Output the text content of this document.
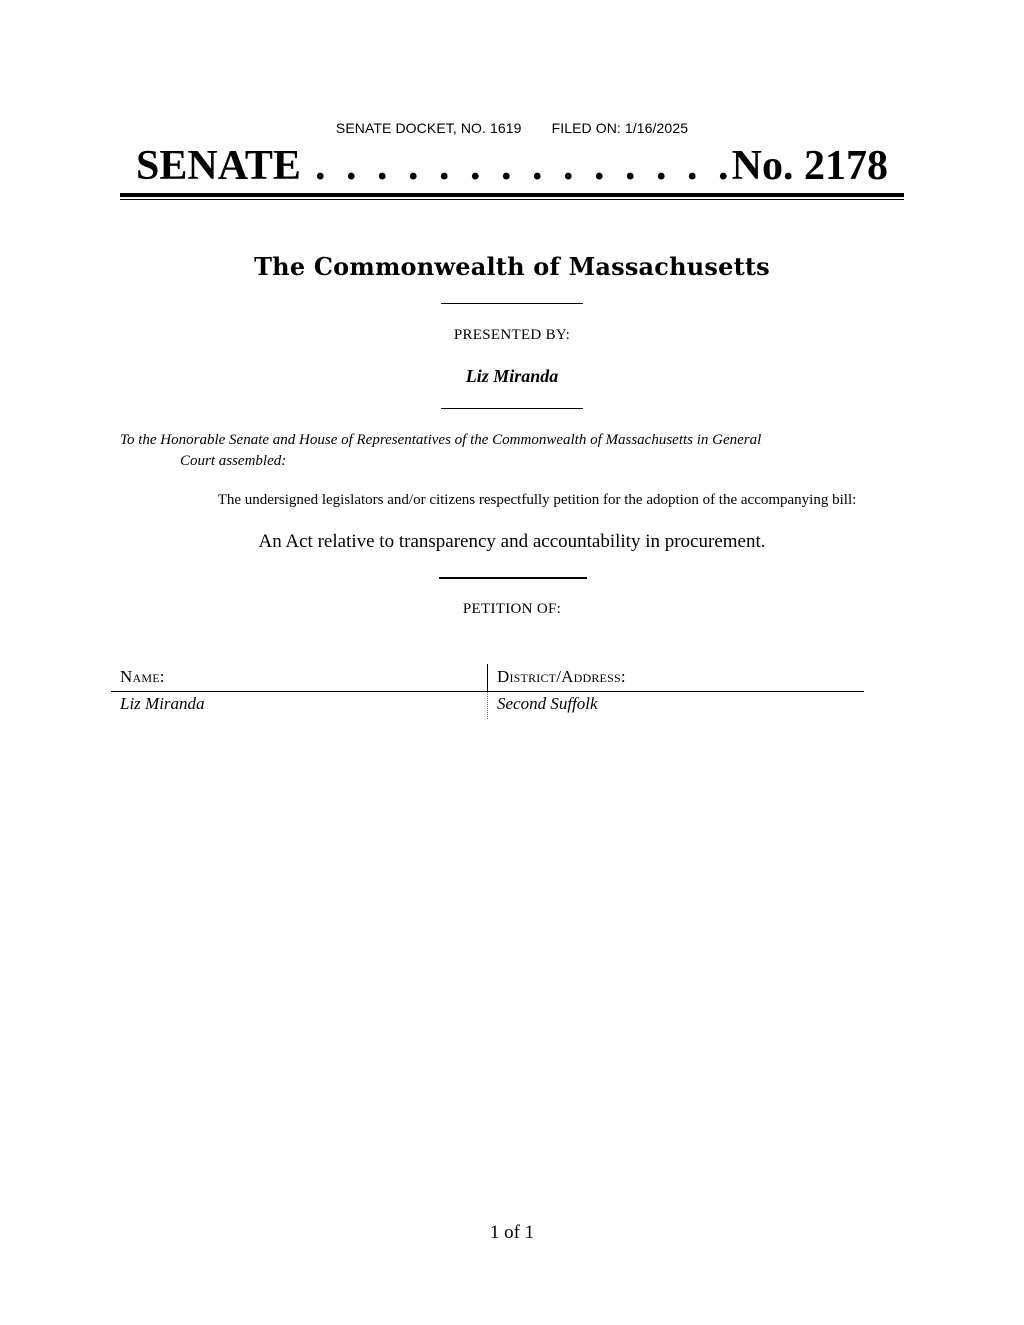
SENATE DOCKET, NO. 1619 FILED ON: 1/16/2025
SENATE . . . . . . . . . . . . . .
No. 2178
The Commonwealth of Massachusetts
PRESENTED BY:
Liz Miranda
To the Honorable Senate and House of Representatives of the Commonwealth of Massachusetts in General
Court assembled:
The undersigned legislators and/or citizens respectfully petition for the adoption of the accompanying bill:
An Act relative to transparency and accountability in procurement.
PETITION OF:
Name:	District/Address:
Liz Miranda	Second Suffolk
1 of 1
